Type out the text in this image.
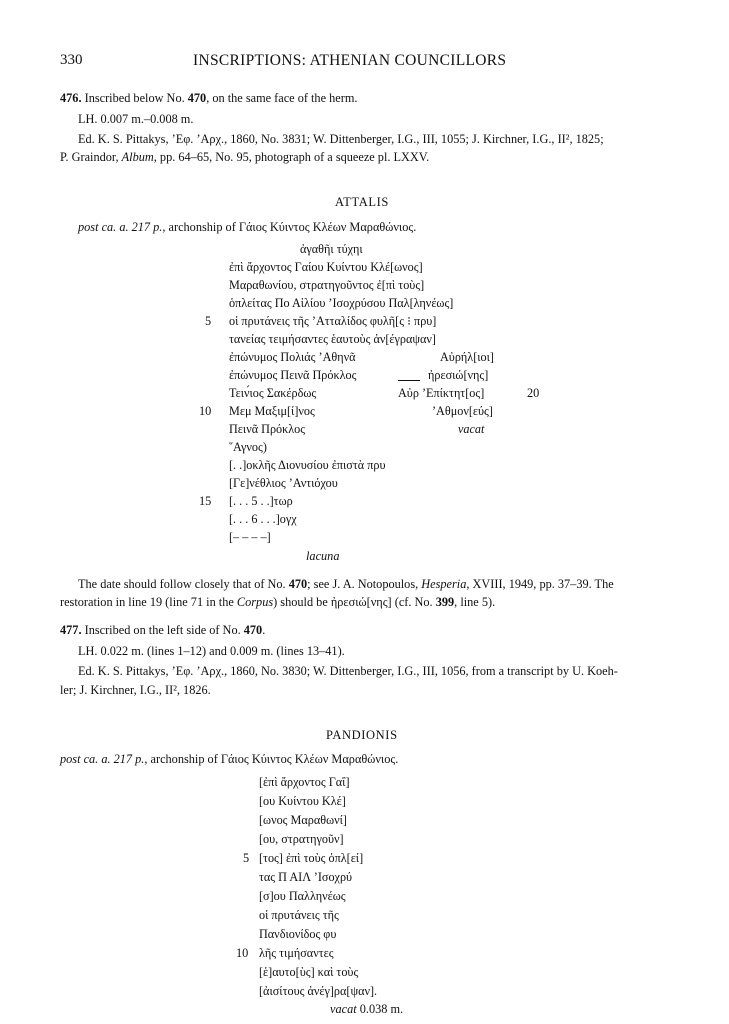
330	INSCRIPTIONS: ATHENIAN COUNCILLORS
476. Inscribed below No. 470, on the same face of the herm.
LH. 0.007 m.–0.008 m.
Ed. K. S. Pittakys, ’Εφ. ’Αρχ., 1860, No. 3831; W. Dittenberger, I.G., III, 1055; J. Kirchner, I.G., II², 1825;
P. Graindor, Album, pp. 64–65, No. 95, photograph of a squeeze pl. LXXV.
ATTALIS
post ca. a. 217 p., archonship of Γάιος Κύιντος Κλέων Μαραθώνιος.
ἀγαθῆι τύχηι
ἐπὶ ἄρχοντος Γαίου Κυίντου Κλέ[ωνος]
Μαραθωνίου, στρατηγοῦντος ἐ[πὶ τοὺς]
ὁπλείτας Πο Αἰλίου ’Ισοχρύσου Παλ[ληνέως]
οἱ πρυτάνεις τῆς ’Ατταλίδος φυλῆ[ς ⁝ πρυ]
τανείας τειμήσαντες ἑαυτοὺς ἀν[έγραψαν]
ἐπώνυμος Πολιάς ’Αθηνᾶ
ἐπώνυμος Πεινᾶ Πρόκλος
Τειν́ιος Σακέρδως
Μεμ Μαξιμ[ί]νος
Πεινᾶ Πρόκλος
῞Αγνος)
[. .]οκλῆς Διονυσίου ἐπιστὰ πρυ
[Γε]νέθλιος ’Αντιόχου
[. . . 5 . .]τωρ
[. . . 6 . . .]ογχ
[– – – –]
Αὐρήλ[ιοι]
ἠρεσιώ[νης]
Αὐρ ’Επίκτητ[ος]
’Αθμον[εύς]
vacat
5
10
15
20
lacuna
The date should follow closely that of No. 470; see J. A. Notopoulos, Hesperia, XVIII, 1949, pp. 37–39. The
restoration in line 19 (line 71 in the Corpus) should be ἠρεσιώ[νης] (cf. No. 399, line 5).
477. Inscribed on the left side of No. 470.
LH. 0.022 m. (lines 1–12) and 0.009 m. (lines 13–41).
Ed. K. S. Pittakys, ’Εφ. ’Αρχ., 1860, No. 3830; W. Dittenberger, I.G., III, 1056, from a transcript by U. Koeh-
ler; J. Kirchner, I.G., II², 1826.
PANDIONIS
post ca. a. 217 p., archonship of Γάιος Κύιντος Κλέων Μαραθώνιος.
[ἐπὶ ἄρχοντος Γαΐ]
[ου Κυίντου Κλέ]
[ωνος Μαραθωνί]
[ου, στρατηγοῦν]
[τος] ἐπὶ τοὺς ὁπλ[εί]
τας Π ΑΙΛ ’Ισοχρύ
[σ]ου Παλληνέως
οἱ πρυτάνεις τῆς
Πανδιονίδος φυ
λῆς τιμήσαντες
[ἑ]αυτο[ὺς] καὶ τοὺς
[ἀισίτους ἀνέγ]ρα[ψαν].
vacat 0.038 m.
5
10
